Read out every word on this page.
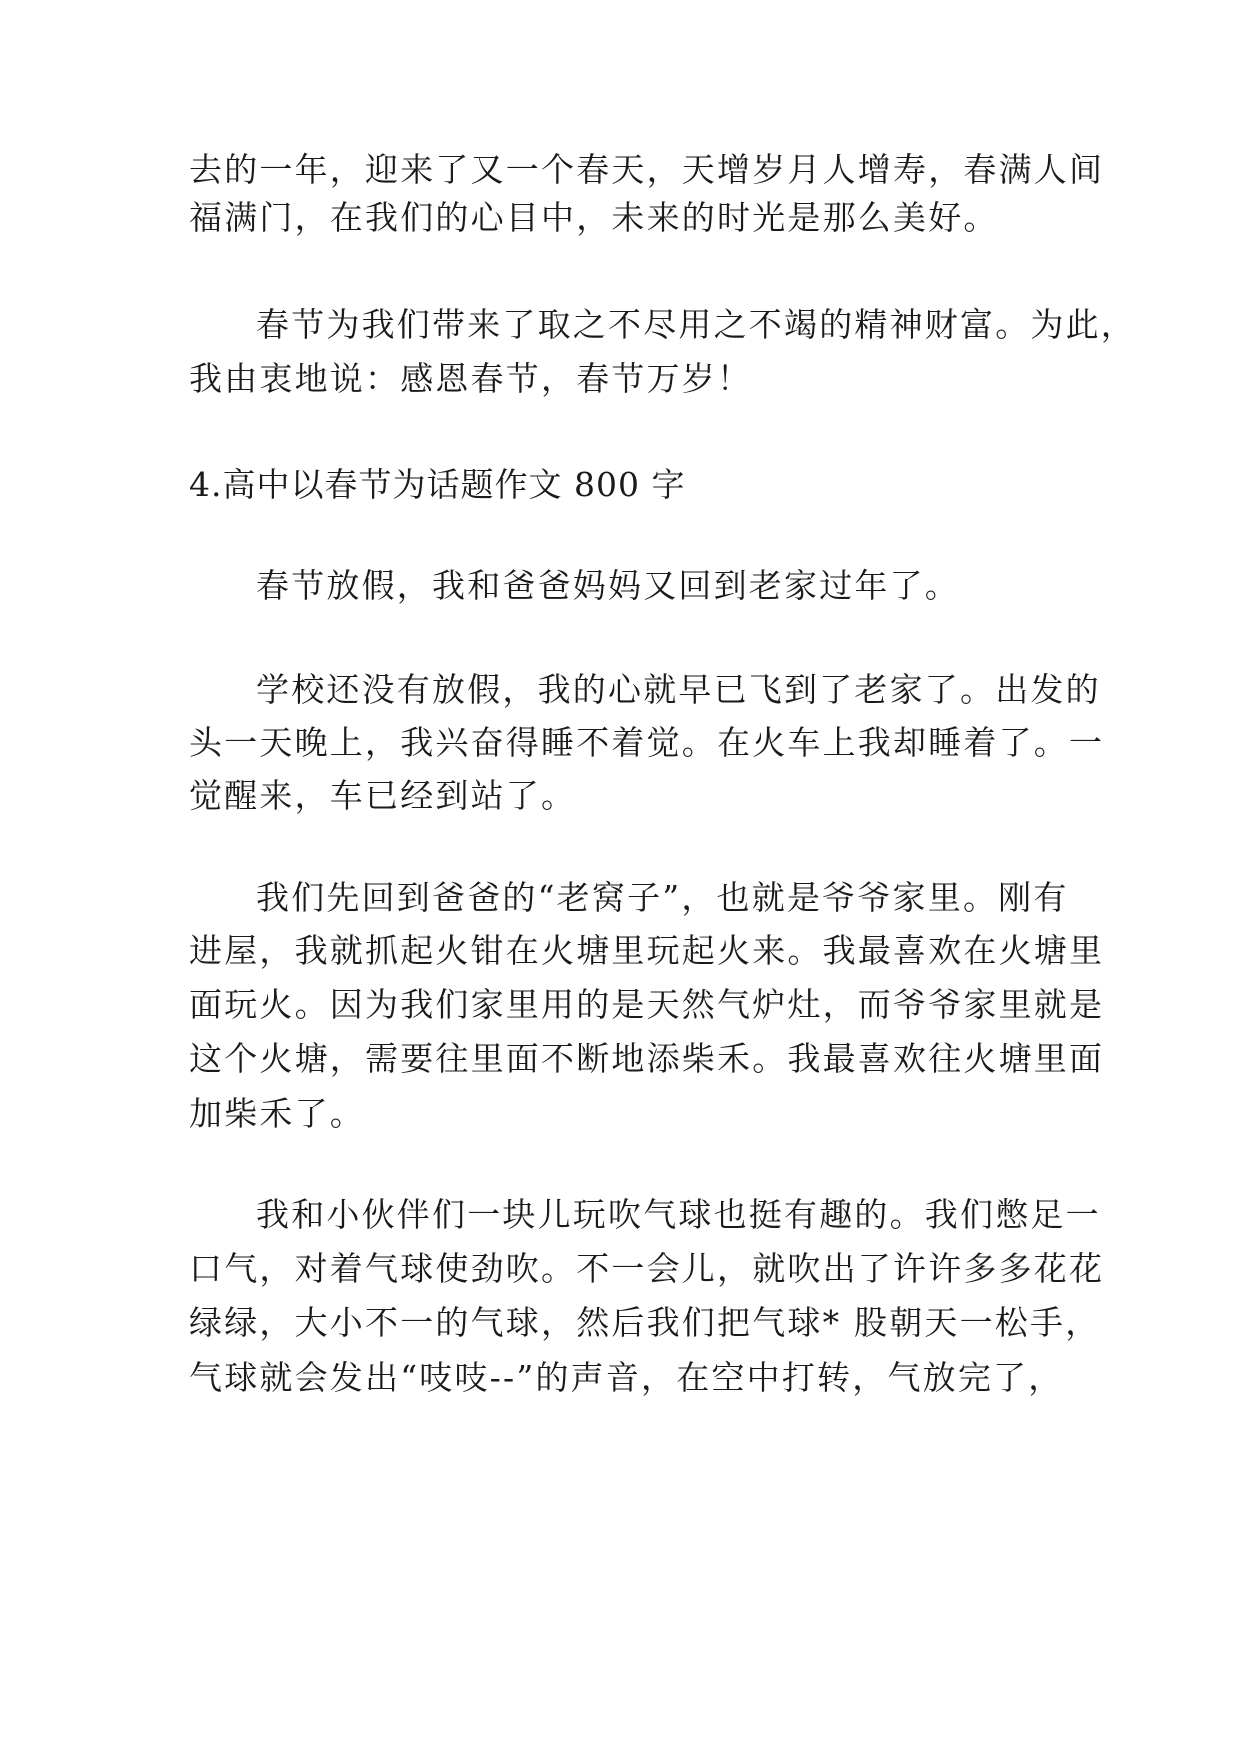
去的一年，迎来了又一个春天，天增岁月人增寿，春满人间
福满门，在我们的心目中，未来的时光是那么美好。
春节为我们带来了取之不尽用之不竭的精神财富。为此，
我由衷地说：感恩春节，春节万岁！
4.高中以春节为话题作文 800 字
春节放假，我和爸爸妈妈又回到老家过年了。
学校还没有放假，我的心就早已飞到了老家了。出发的
头一天晚上，我兴奋得睡不着觉。在火车上我却睡着了。一
觉醒来，车已经到站了。
我们先回到爸爸的“老窝子”，也就是爷爷家里。刚有
进屋，我就抓起火钳在火塘里玩起火来。我最喜欢在火塘里
面玩火。因为我们家里用的是天然气炉灶，而爷爷家里就是
这个火塘，需要往里面不断地添柴禾。我最喜欢往火塘里面
加柴禾了。
我和小伙伴们一块儿玩吹气球也挺有趣的。我们憋足一
口气，对着气球使劲吹。不一会儿，就吹出了许许多多花花
绿绿，大小不一的气球，然后我们把气球* 股朝天一松手，
气球就会发出“吱吱--”的声音，在空中打转，气放完了，
